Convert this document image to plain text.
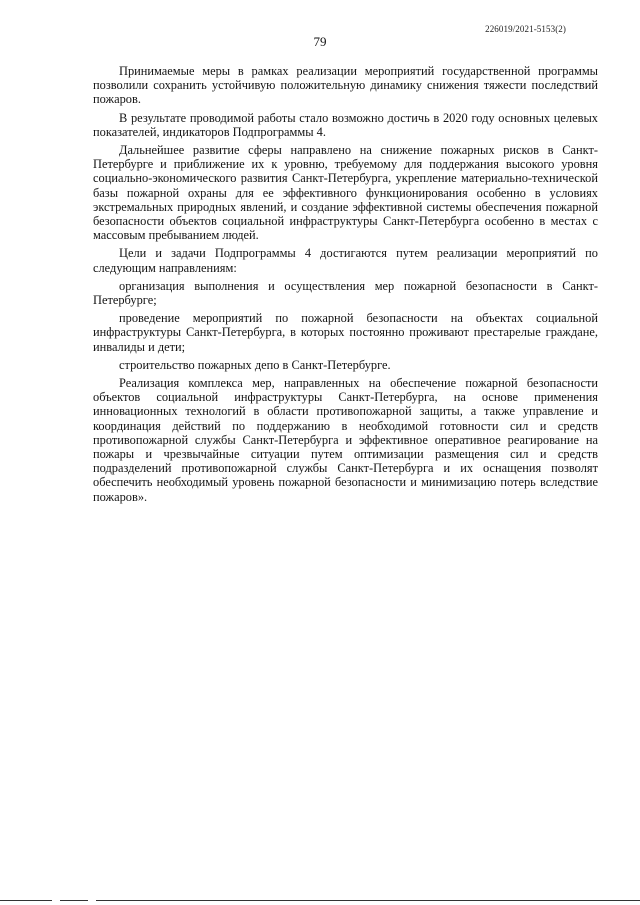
226019/2021-5153(2)
79

Принимаемые меры в рамках реализации мероприятий государственной программы позволили сохранить устойчивую положительную динамику снижения тяжести последствий пожаров.

В результате проводимой работы стало возможно достичь в 2020 году основных целевых показателей, индикаторов Подпрограммы 4.

Дальнейшее развитие сферы направлено на снижение пожарных рисков в Санкт-Петербурге и приближение их к уровню, требуемому для поддержания высокого уровня социально-экономического развития Санкт-Петербурга, укрепление материально-технической базы пожарной охраны для ее эффективного функционирования особенно в условиях экстремальных природных явлений, и создание эффективной системы обеспечения пожарной безопасности объектов социальной инфраструктуры Санкт-Петербурга особенно в местах с массовым пребыванием людей.

Цели и задачи Подпрограммы 4 достигаются путем реализации мероприятий по следующим направлениям:

организация выполнения и осуществления мер пожарной безопасности в Санкт-Петербурге;

проведение мероприятий по пожарной безопасности на объектах социальной инфраструктуры Санкт-Петербурга, в которых постоянно проживают престарелые граждане, инвалиды и дети;

строительство пожарных депо в Санкт-Петербурге.

Реализация комплекса мер, направленных на обеспечение пожарной безопасности объектов социальной инфраструктуры Санкт-Петербурга, на основе применения инновационных технологий в области противопожарной защиты, а также управление и координация действий по поддержанию в необходимой готовности сил и средств противопожарной службы Санкт-Петербурга и эффективное оперативное реагирование на пожары и чрезвычайные ситуации путем оптимизации размещения сил и средств подразделений противопожарной службы Санкт-Петербурга и их оснащения позволят обеспечить необходимый уровень пожарной безопасности и минимизацию потерь вследствие пожаров».
